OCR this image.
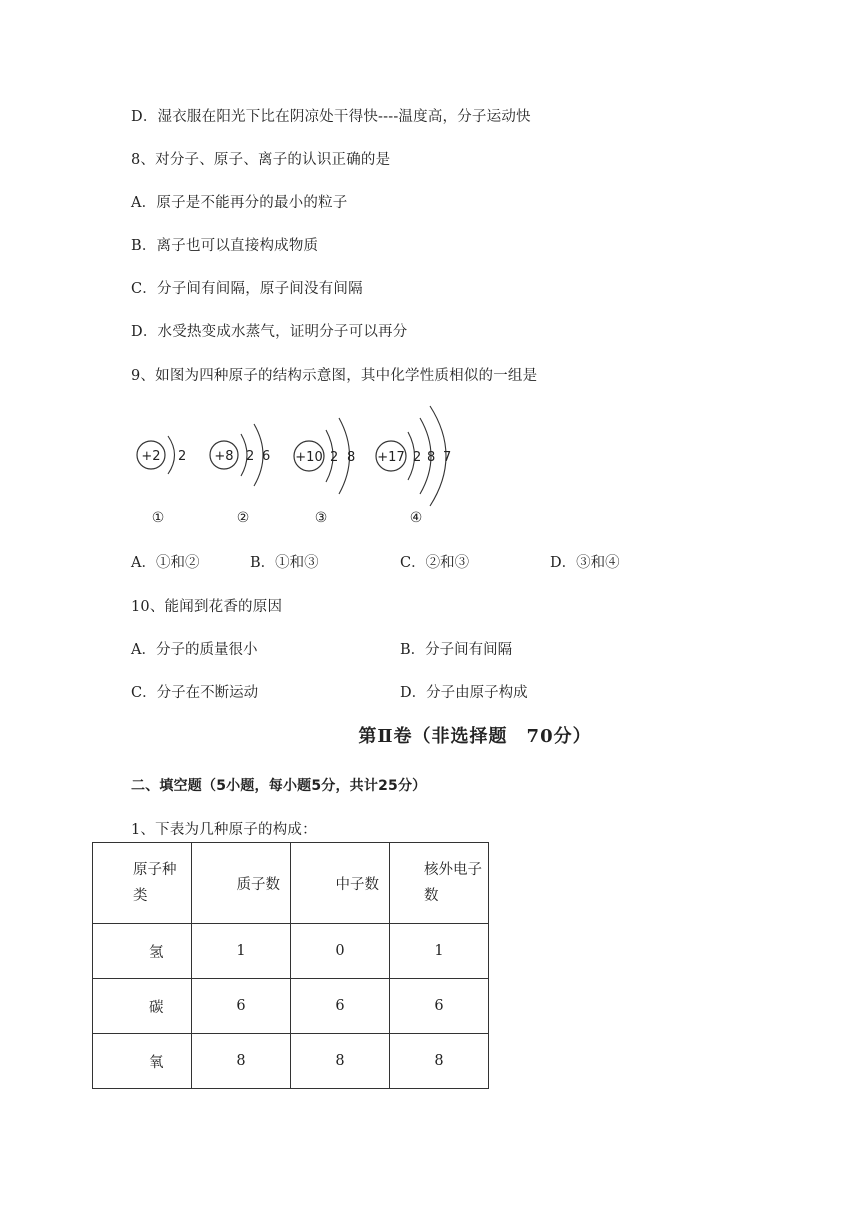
D．湿衣服在阳光下比在阴凉处干得快----温度高，分子运动快
8、对分子、原子、离子的认识正确的是
A．原子是不能再分的最小的粒子
B．离子也可以直接构成物质
C．分子间有间隔，原子间没有间隔
D．水受热变成水蒸气，证明分子可以再分
9、如图为四种原子的结构示意图，其中化学性质相似的一组是
+2 2
①
+8 2 6
②
+10 2 8
③
+17 2 8 7
④
A．①和②	B．①和③	C．②和③	D．③和④
10、能闻到花香的原因
A．分子的质量很小	B．分子间有间隔
C．分子在不断运动	D．分子由原子构成
第Ⅱ卷（非选择题　70分）
二、填空题（5小题，每小题5分，共计25分）
1、下表为几种原子的构成：
原子种类	质子数	中子数	核外电子数

氢	1	0	1
碳	6	6	6
氧	8	8	8
